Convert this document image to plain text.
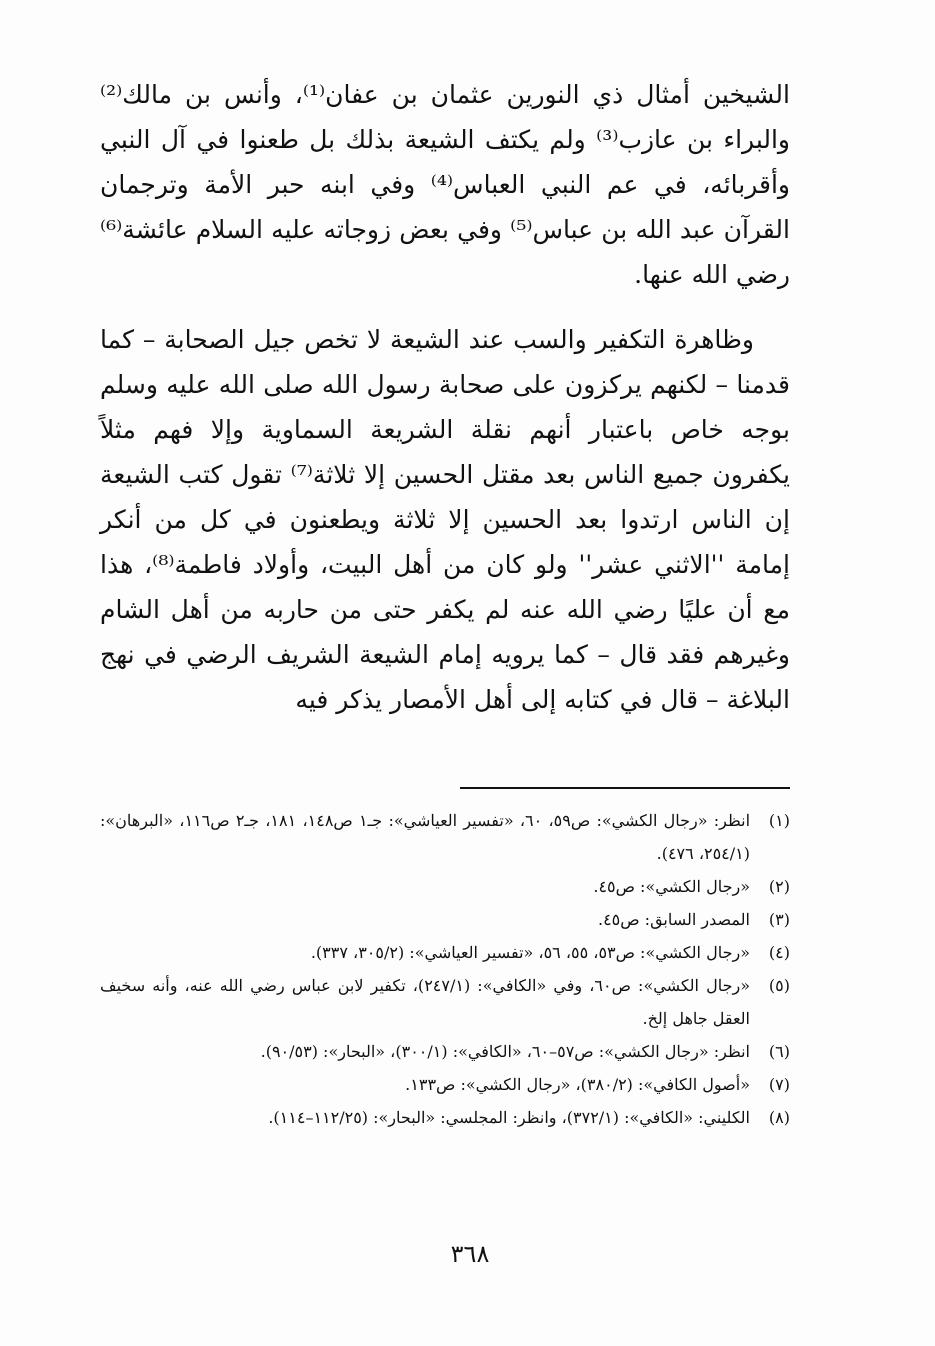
الشيخين أمثال ذي النورين عثمان بن عفان⁽¹⁾، وأنس بن مالك⁽²⁾ والبراء بن عازب⁽³⁾ ولم يكتف الشيعة بذلك بل طعنوا في آل النبي وأقربائه، في عم النبي العباس⁽⁴⁾ وفي ابنه حبر الأمة وترجمان القرآن عبد الله بن عباس⁽⁵⁾ وفي بعض زوجاته عليه السلام عائشة⁽⁶⁾ رضي الله عنها.

وظاهرة التكفير والسب عند الشيعة لا تخص جيل الصحابة – كما قدمنا – لكنهم يركزون على صحابة رسول الله صلى الله عليه وسلم بوجه خاص باعتبار أنهم نقلة الشريعة السماوية وإلا فهم مثلاً يكفرون جميع الناس بعد مقتل الحسين إلا ثلاثة⁽⁷⁾ تقول كتب الشيعة إن الناس ارتدوا بعد الحسين إلا ثلاثة ويطعنون في كل من أنكر إمامة ''الاثني عشر'' ولو كان من أهل البيت، وأولاد فاطمة⁽⁸⁾، هذا مع أن عليًا رضي الله عنه لم يكفر حتى من حاربه من أهل الشام وغيرهم فقد قال – كما يرويه إمام الشيعة الشريف الرضي في نهج البلاغة – قال في كتابه إلى أهل الأمصار يذكر فيه

(١)
انظر: «رجال الكشي»: ص٥٩، ٦٠، «تفسير العياشي»: جـ١ ص١٤٨، ١٨١، جـ٢ ص١١٦، «البرهان»: (٢٥٤/١، ٤٧٦).
(٢)
«رجال الكشي»: ص٤٥.
(٣)
المصدر السابق: ص٤٥.
(٤)
«رجال الكشي»: ص٥٣، ٥٥، ٥٦، «تفسير العياشي»: (٣٠٥/٢، ٣٣٧).
(٥)
«رجال الكشي»: ص٦٠، وفي «الكافي»: (٢٤٧/١)، تكفير لابن عباس رضي الله عنه، وأنه سخيف العقل جاهل إلخ.
(٦)
انظر: «رجال الكشي»: ص٥٧–٦٠، «الكافي»: (٣٠٠/١)، «البحار»: (٩٠/٥٣).
(٧)
«أصول الكافي»: (٣٨٠/٢)، «رجال الكشي»: ص١٣٣.
(٨)
الكليني: «الكافي»: (٣٧٢/١)، وانظر: المجلسي: «البحار»: (١١٢/٢٥–١١٤).
٣٦٨
